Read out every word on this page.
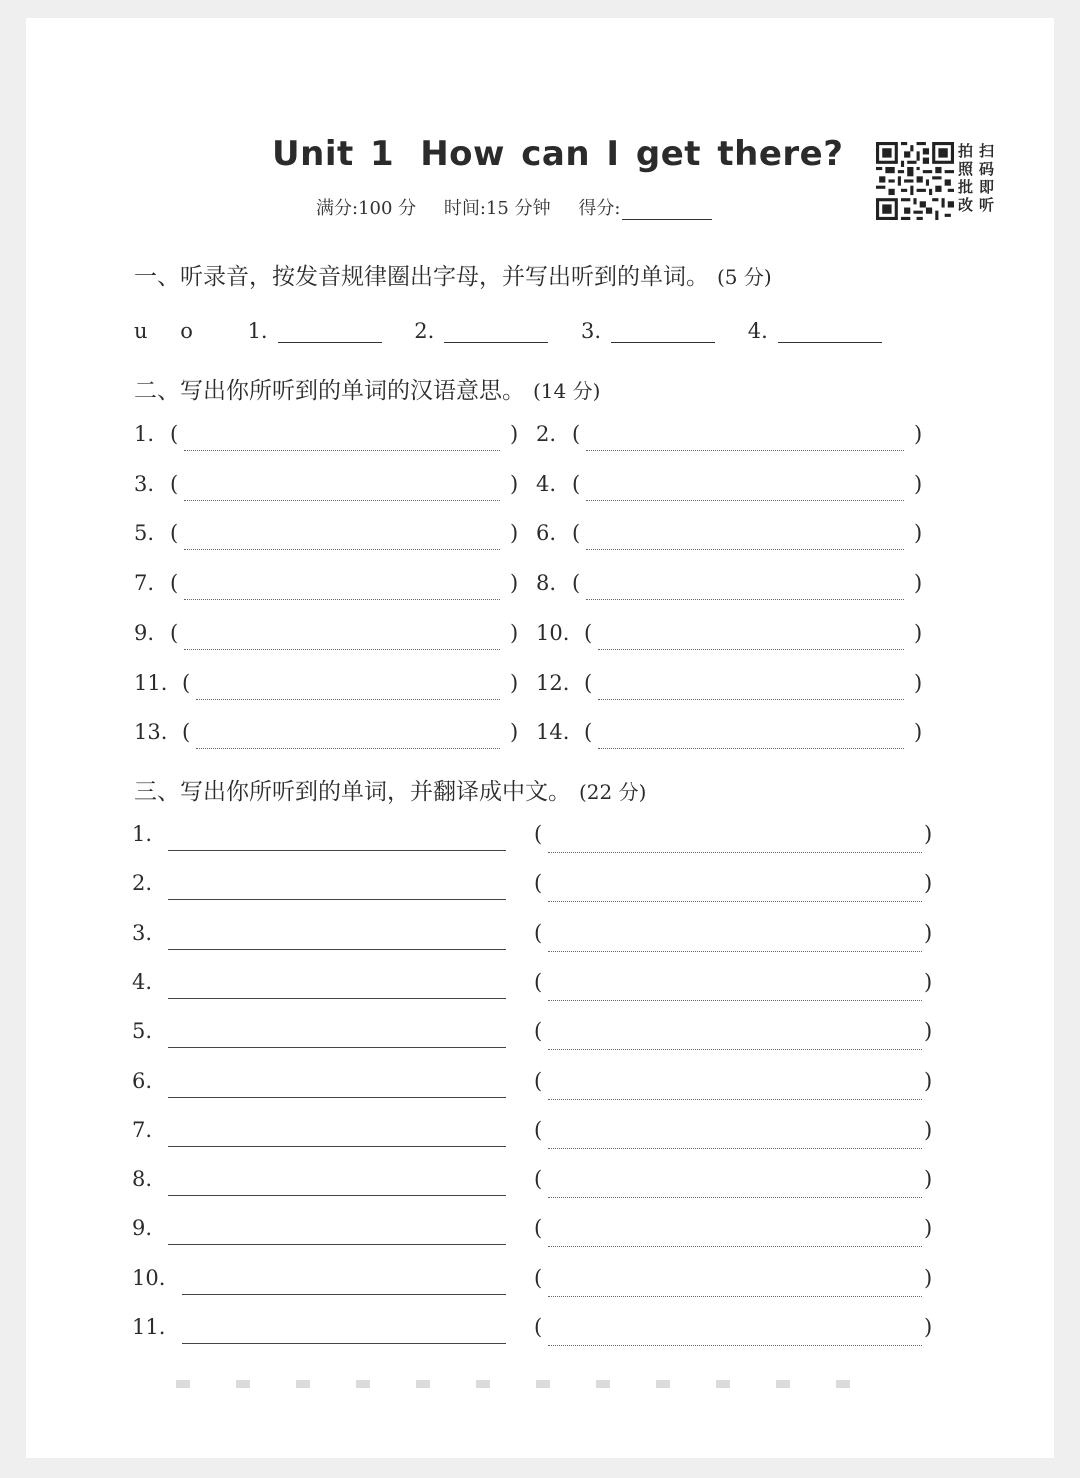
Unit 1 How can I get there?
满分:100 分 时间:15 分钟 得分:
拍 扫
照 码
批 即
改 听
一、听录音，按发音规律圈出字母，并写出听到的单词。 (5 分)
u o	1.	2.	3.	4.
二、写出你所听到的单词的汉语意思。 (14 分)
1. (	) 2. (	)
3. (	) 4. (	)
5. (	) 6. (	)
7. (	) 8. (	)
9. (	) 10. (	)
11. (	) 12. (	)
13. (	) 14. (	)
三、写出你所听到的单词，并翻译成中文。 (22 分)
1.	(	)
2.	(	)
3.	(	)
4.	(	)
5.	(	)
6.	(	)
7.	(	)
8.	(	)
9.	(	)
10.	(	)
11.	(	)
